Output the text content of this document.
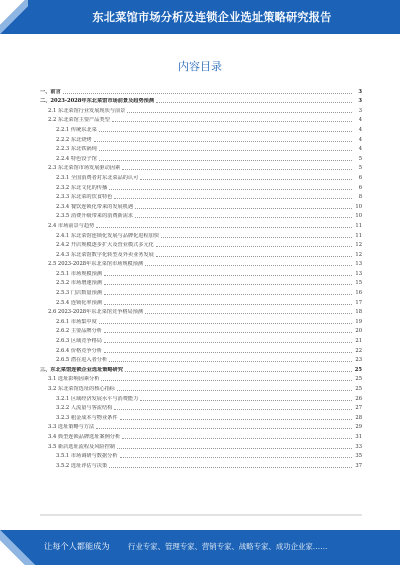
东北菜馆市场分析及连锁企业选址策略研究报告
内容目录
一、前言	3
二、2023-2028年东北菜馆市场前景及趋势预测	3
2.1 东北菜馆行业发展现状与前景	3
2.2 东北菜馆主要产品类型	4
2.2.1 传统东北菜	4
2.2.2 东北烧烤	4
2.2.3 东北铁锅炖	4
2.2.4 特色饺子馆	5
2.3 东北菜馆市场发展驱动因素	5
2.3.1 全国消费者对东北菜品的认可	6
2.3.2 东北文化的传播	6
2.3.3 东北菜的饮食特色	8
2.3.4 餐饮连锁化带来的发展机遇	10
2.3.5 消费升级带来的消费新需求	10
2.4 市场前景与趋势	11
2.4.1 东北菜馆连锁化发展与品牌化进程加快	11
2.4.2 开店规模逐步扩大及营业模式多元化	12
2.4.3 东北菜馆数字化转型及外卖业务发展	12
2.5 2023-2028年东北菜馆市场规模预测	13
2.5.1 市场规模预测	13
2.5.2 市场增速预测	15
2.5.3 门店数量预测	16
2.5.4 连锁化率预测	17
2.6 2023-2028年东北菜馆竞争格局预测	18
2.6.1 市场集中度	19
2.6.2 主要品牌分析	20
2.6.3 区域竞争格局	21
2.6.4 价格竞争分析	22
2.6.5 潜在进入者分析	23
三、东北菜馆连锁企业选址策略研究	25
3.1 选址影响因素分析	25
3.2 东北菜馆选址的核心指标	25
3.2.1 区域经济发展水平与消费能力	26
3.2.2 人流量与客流结构	27
3.2.3 租金成本与物业条件	28
3.3 选址策略与方法	29
3.4 典型连锁品牌选址案例分析	31
3.5 新店选址流程及风险控制	33
3.5.1 市场调研与数据分析	35
3.5.2 选址评估与决策	37
让每个人都能成为 行业专家、管理专家、营销专家、战略专家、成功企业家……
